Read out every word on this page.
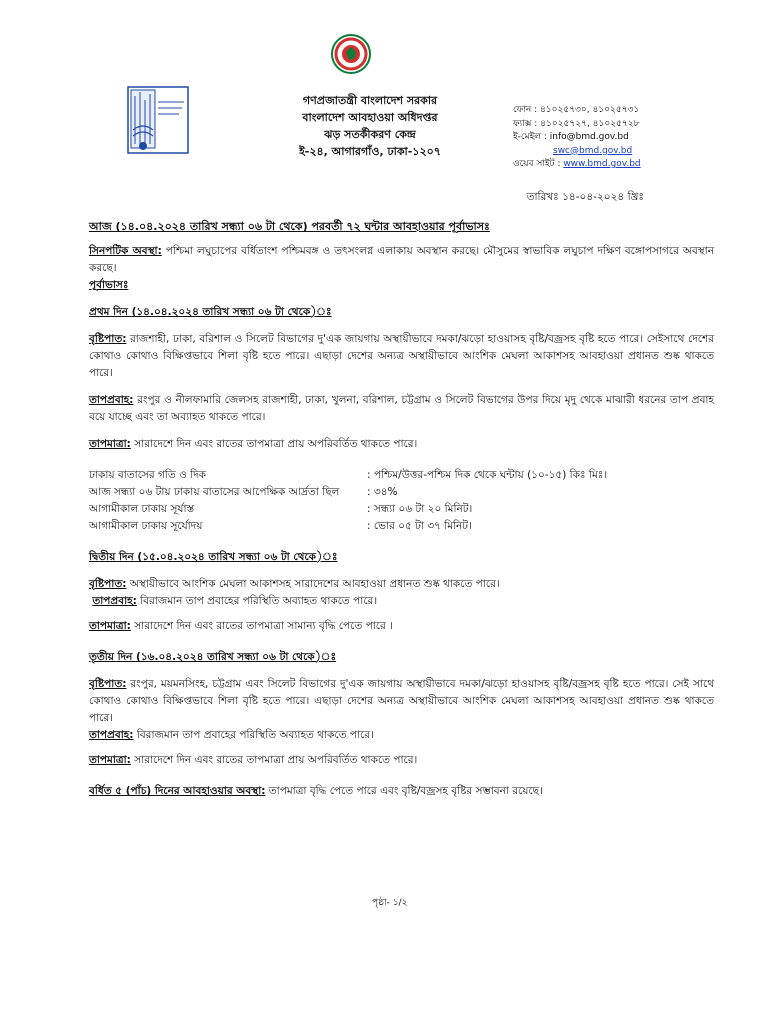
গণপ্রজাতন্ত্রী বাংলাদেশ সরকার
বাংলাদেশ আবহাওয়া অধিদপ্তর
ঝড় সতর্কীকরণ কেন্দ্র
ই-২৪, আগারগাঁও, ঢাকা-১২০৭
ফোন : ৪১০২৫৭৩০, ৪১০২৫৭৩১
ফ্যাক্স : ৪১০২৫৭২৭, ৪১০২৫৭২৮
ই-মেইল : info@bmd.gov.bd
swc@bmd.gov.bd
ওয়েব সাইট : www.bmd.gov.bd
তারিখঃ ১৪-০৪-২০২৪ খ্রিঃ

আজ (১৪.০৪.২০২৪ তারিখ সন্ধ্যা ০৬ টা থেকে) পরবর্তী ৭২ ঘন্টার আবহাওয়ার পূর্বাভাসঃ

সিনপটিক অবস্থা: পশ্চিমা লঘুচাপের বর্ধিতাংশ পশ্চিমবঙ্গ ও তৎসংলগ্ন এলাকায় অবস্থান করছে। মৌসুমের স্বাভাবিক লঘুচাপ দক্ষিণ বঙ্গোপসাগরে অবস্থান করছে।

পূর্বাভাসঃ

প্রথম দিন (১৪.০৪.২০২৪ তারিখ সন্ধ্যা ০৬ টা থেকে)ঃ

বৃষ্টিপাত: রাজশাহী, ঢাকা, বরিশাল ও সিলেট বিভাগের দু'এক জায়গায় অস্থায়ীভাবে দমকা/ঝড়ো হাওয়াসহ বৃষ্টি/বজ্রসহ বৃষ্টি হতে পারে। সেইসাথে দেশের কোথাও কোথাও বিক্ষিপ্তভাবে শিলা বৃষ্টি হতে পারে। এছাড়া দেশের অন্যত্র অস্থায়ীভাবে আংশিক মেঘলা আকাশসহ আবহাওয়া প্রধানত শুষ্ক থাকতে পারে।

তাপপ্রবাহ: রংপুর ও নীলফামারি জেলসহ রাজশাহী, ঢাকা, খুলনা, বরিশাল, চট্টগ্রাম ও সিলেট বিভাগের উপর দিয়ে মৃদু থেকে মাঝারী ধরনের তাপ প্রবাহ বয়ে যাচ্ছে এবং তা অব্যাহত থাকতে পারে।

তাপমাত্রা: সারাদেশে দিন এবং রাতের তাপমাত্রা প্রায় অপরিবর্তিত থাকতে পারে।

ঢাকায় বাতাসের গতি ও দিক	: পশ্চিম/উত্তর-পশ্চিম দিক থেকে ঘন্টায় (১০-১৫) কিঃ মিঃ।
আজ সন্ধ্যা ০৬ টায় ঢাকায় বাতাসের আপেক্ষিক আর্দ্রতা ছিল	: ৩৪%
আগামীকাল ঢাকায় সূর্যাস্ত	: সন্ধ্যা ০৬ টা ২০ মিনিট।
আগামীকাল ঢাকায় সূর্যোদয়	: ভোর ০৫ টা ৩৭ মিনিট।

দ্বিতীয় দিন (১৫.০৪.২০২৪ তারিখ সন্ধ্যা ০৬ টা থেকে)ঃ

বৃষ্টিপাত: অস্থায়ীভাবে আংশিক মেঘলা আকাশসহ সারাদেশের আবহাওয়া প্রধানত শুষ্ক থাকতে পারে।

তাপপ্রবাহ: বিরাজমান তাপ প্রবাহের পরিস্থিতি অব্যাহত থাকতে পারে।

তাপমাত্রা: সারাদেশে দিন এবং রাতের তাপমাত্রা সামান্য বৃদ্ধি পেতে পারে ।

তৃতীয় দিন (১৬.০৪.২০২৪ তারিখ সন্ধ্যা ০৬ টা থেকে)ঃ

বৃষ্টিপাত: রংপুর, ময়মনসিংহ, চট্টগ্রাম এবং সিলেট বিভাগের দু'এক জায়গায় অস্থায়ীভাবে দমকা/ঝড়ো হাওয়াসহ বৃষ্টি/বজ্রসহ বৃষ্টি হতে পারে। সেই সাথে কোথাও কোথাও বিক্ষিপ্তভাবে শিলা বৃষ্টি হতে পারে। এছাড়া দেশের অন্যত্র অস্থায়ীভাবে আংশিক মেঘলা আকাশসহ আবহাওয়া প্রধানত শুষ্ক থাকতে পারে।

তাপপ্রবাহ: বিরাজমান তাপ প্রবাহের পরিস্থিতি অব্যাহত থাকতে পারে।

তাপমাত্রা: সারাদেশে দিন এবং রাতের তাপমাত্রা প্রায় অপরিবর্তিত থাকতে পারে।

বর্ধিত ৫ (পাঁচ) দিনের আবহাওয়ার অবস্থা: তাপমাত্রা বৃদ্ধি পেতে পারে এবং বৃষ্টি/বজ্রসহ বৃষ্টির সম্ভাবনা রয়েছে।

পৃষ্ঠা- ১/২
